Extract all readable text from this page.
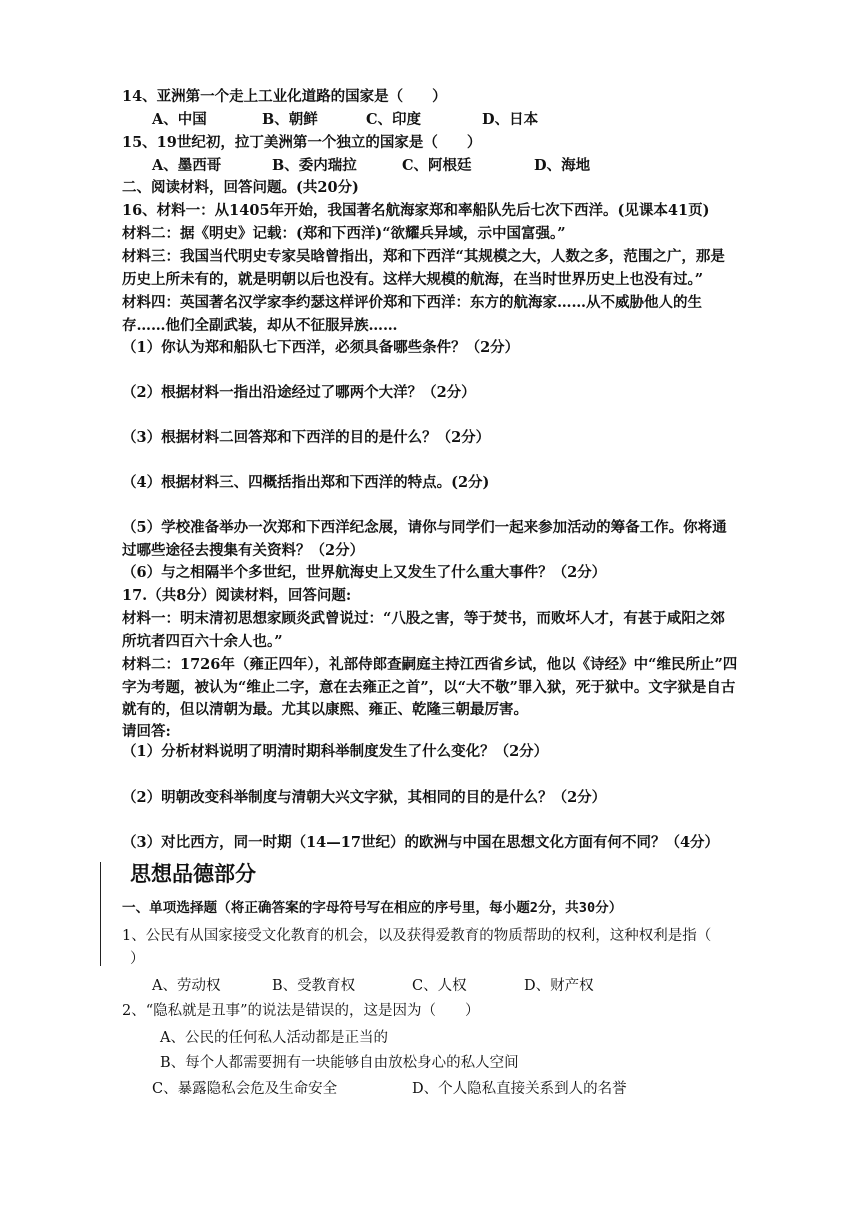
14、亚洲第一个走上工业化道路的国家是（　　）
A、中国	B、朝鲜	C、印度	D、日本
15、19世纪初，拉丁美洲第一个独立的国家是（　　）
A、墨西哥	B、委内瑞拉	C、阿根廷	D、海地
二、阅读材料，回答问题。(共20分)
16、材料一：从1405年开始，我国著名航海家郑和率船队先后七次下西洋。(见课本41页)
材料二：据《明史》记载：(郑和下西洋)“欲耀兵异域，示中国富强。”
材料三：我国当代明史专家吴晗曾指出，郑和下西洋“其规模之大，人数之多，范围之广，那是
历史上所未有的，就是明朝以后也没有。这样大规模的航海，在当时世界历史上也没有过。”
材料四：英国著名汉学家李约瑟这样评价郑和下西洋：东方的航海家……从不威胁他人的生
存……他们全副武装，却从不征服异族……
（1）你认为郑和船队七下西洋，必须具备哪些条件？（2分）
（2）根据材料一指出沿途经过了哪两个大洋？（2分）
（3）根据材料二回答郑和下西洋的目的是什么？（2分）
（4）根据材料三、四概括指出郑和下西洋的特点。(2分)
（5）学校准备举办一次郑和下西洋纪念展，请你与同学们一起来参加活动的筹备工作。你将通
过哪些途径去搜集有关资料？（2分）
（6）与之相隔半个多世纪，世界航海史上又发生了什么重大事件？（2分）
17.（共8分）阅读材料，回答问题:
材料一：明末清初思想家顾炎武曾说过：“八股之害，等于焚书，而败坏人才，有甚于咸阳之郊
所坑者四百六十余人也。”
材料二：1726年（雍正四年），礼部侍郎查嗣庭主持江西省乡试，他以《诗经》中“维民所止”四
字为考题，被认为“维止二字，意在去雍正之首”，以“大不敬”罪入狱，死于狱中。文字狱是自古
就有的，但以清朝为最。尤其以康熙、雍正、乾隆三朝最厉害。
请回答:
（1）分析材料说明了明清时期科举制度发生了什么变化？（2分）
（2）明朝改变科举制度与清朝大兴文字狱，其相同的目的是什么？（2分）
（3）对比西方，同一时期（14—17世纪）的欧洲与中国在思想文化方面有何不同？（4分）
思想品德部分
一、单项选择题（将正确答案的字母符号写在相应的序号里，每小题2分，共30分）
1、公民有从国家接受文化教育的机会，以及获得爱教育的物质帮助的权利，这种权利是指（
）
A、劳动权	B、受教育权	C、人权	D、财产权
2、“隐私就是丑事”的说法是错误的，这是因为（　　）
A、公民的任何私人活动都是正当的
B、每个人都需要拥有一块能够自由放松身心的私人空间
C、暴露隐私会危及生命安全	D、个人隐私直接关系到人的名誉
